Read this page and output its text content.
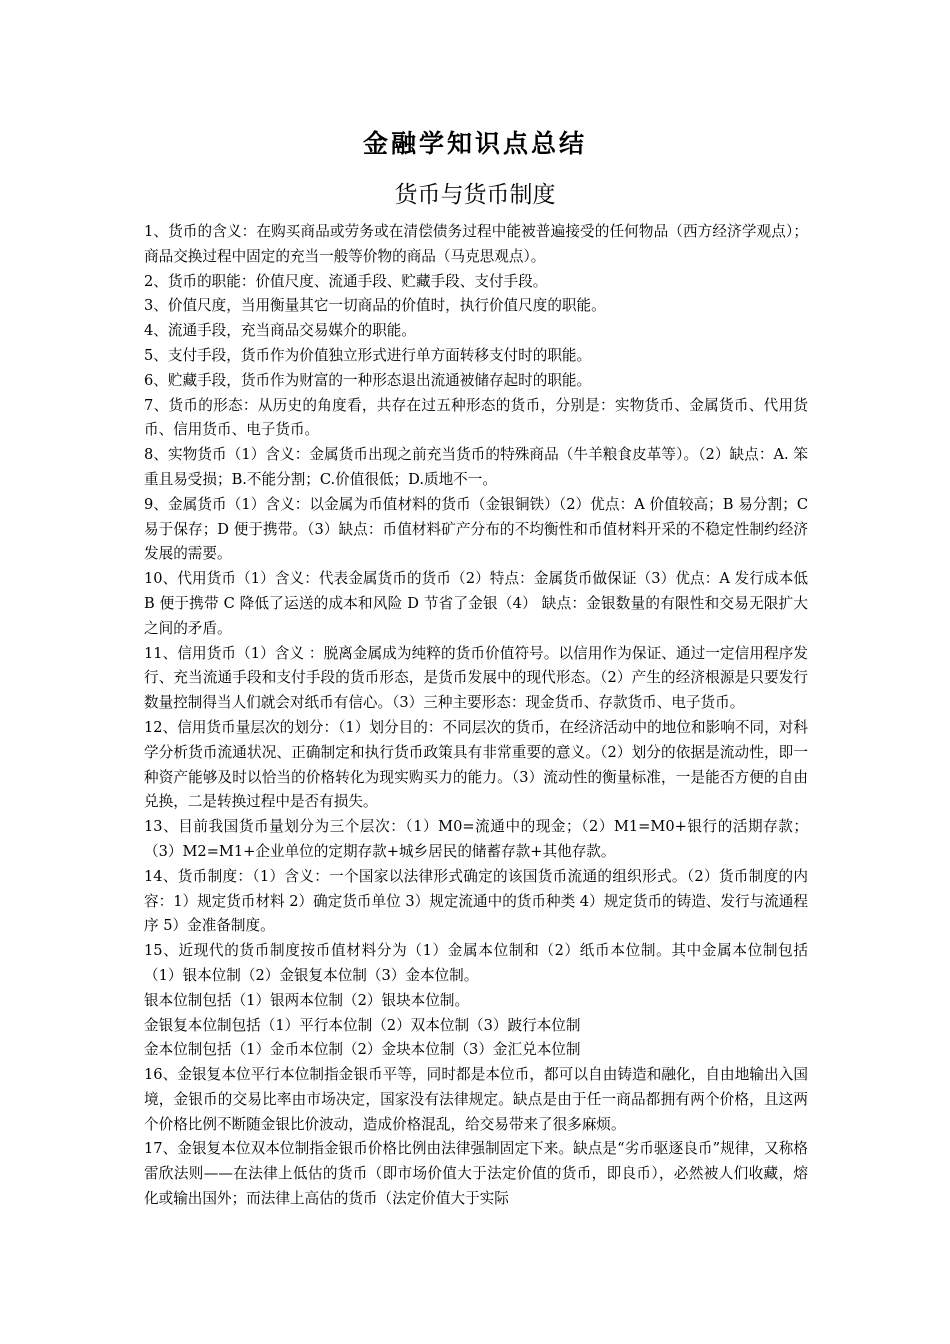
金融学知识点总结
货币与货币制度

1、货币的含义：在购买商品或劳务或在清偿债务过程中能被普遍接受的任何物品（西方经济学观点）；商品交换过程中固定的充当一般等价物的商品（马克思观点）。

2、货币的职能：价值尺度、流通手段、贮藏手段、支付手段。

3、价值尺度，当用衡量其它一切商品的价值时，执行价值尺度的职能。

4、流通手段，充当商品交易媒介的职能。

5、支付手段，货币作为价值独立形式进行单方面转移支付时的职能。

6、贮藏手段，货币作为财富的一种形态退出流通被储存起时的职能。

7、货币的形态：从历史的角度看，共存在过五种形态的货币，分别是：实物货币、金属货币、代用货币、信用货币、电子货币。

8、实物货币（1）含义：金属货币出现之前充当货币的特殊商品（牛羊粮食皮革等）。（2）缺点：A. 笨重且易受损；B.不能分割；C.价值很低；D.质地不一。

9、金属货币（1）含义：以金属为币值材料的货币（金银铜铁）（2）优点：A 价值较高；B 易分割；C 易于保存；D 便于携带。（3）缺点：币值材料矿产分布的不均衡性和币值材料开采的不稳定性制约经济发展的需要。

10、代用货币（1）含义：代表金属货币的货币（2）特点：金属货币做保证（3）优点：A 发行成本低 B 便于携带 C 降低了运送的成本和风险 D 节省了金银（4） 缺点：金银数量的有限性和交易无限扩大之间的矛盾。

11、信用货币（1）含义 ：脱离金属成为纯粹的货币价值符号。以信用作为保证、通过一定信用程序发行、充当流通手段和支付手段的货币形态，是货币发展中的现代形态。（2）产生的经济根源是只要发行数量控制得当人们就会对纸币有信心。（3）三种主要形态：现金货币、存款货币、电子货币。

12、信用货币量层次的划分：（1）划分目的：不同层次的货币，在经济活动中的地位和影响不同，对科学分析货币流通状况、正确制定和执行货币政策具有非常重要的意义。（2）划分的依据是流动性，即一种资产能够及时以恰当的价格转化为现实购买力的能力。（3）流动性的衡量标准，一是能否方便的自由兑换，二是转换过程中是否有损失。

13、目前我国货币量划分为三个层次：（1）M0=流通中的现金；（2）M1=M0+银行的活期存款；（3）M2=M1+企业单位的定期存款+城乡居民的储蓄存款+其他存款。

14、货币制度：（1）含义：一个国家以法律形式确定的该国货币流通的组织形式。（2）货币制度的内容：1）规定货币材料 2）确定货币单位 3）规定流通中的货币种类 4）规定货币的铸造、发行与流通程序 5）金准备制度。

15、近现代的货币制度按币值材料分为（1）金属本位制和（2）纸币本位制。其中金属本位制包括（1）银本位制（2）金银复本位制（3）金本位制。

银本位制包括（1）银两本位制（2）银块本位制。

金银复本位制包括（1）平行本位制（2）双本位制（3）跛行本位制

金本位制包括（1）金币本位制（2）金块本位制（3）金汇兑本位制

16、金银复本位平行本位制指金银币平等，同时都是本位币，都可以自由铸造和融化，自由地输出入国境，金银币的交易比率由市场决定，国家没有法律规定。缺点是由于任一商品都拥有两个价格，且这两个价格比例不断随金银比价波动，造成价格混乱，给交易带来了很多麻烦。

17、金银复本位双本位制指金银币价格比例由法律强制固定下来。缺点是“劣币驱逐良币”规律，又称格雷欣法则——在法律上低估的货币（即市场价值大于法定价值的货币，即良币），必然被人们收藏，熔化或输出国外；而法律上高估的货币（法定价值大于实际
